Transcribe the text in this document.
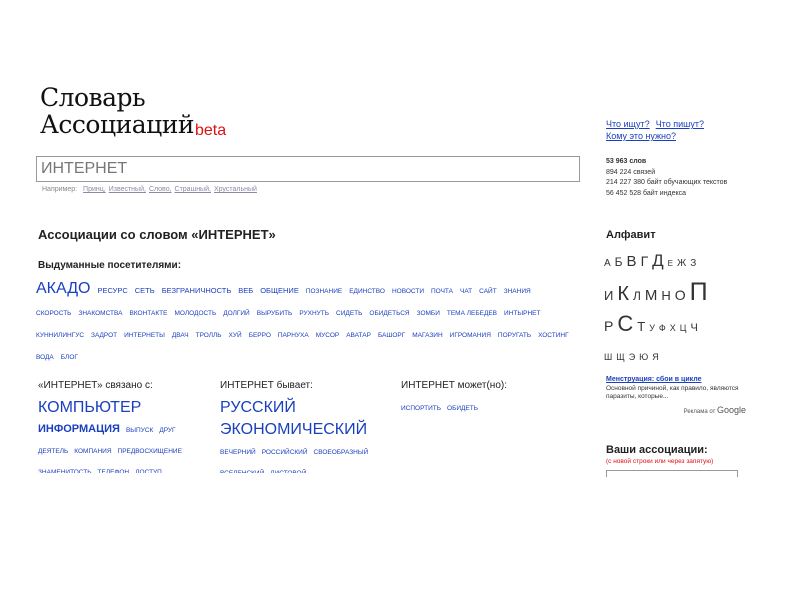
Словарь
Ассоциаций beta
ИНТЕРНЕТ
Например: Принц, Известный, Слово, Страшный, Хрустальный
Что ищут? Что пишут?
Кому это нужно?
53 963 слов
894 224 связей
214 227 380 байт обучающих текстов
56 452 528 байт индекса
Алфавит
А Б В Г Д Е Ж З
И К Л М Н О П
Р С Т У Ф Х Ц Ч
Ш Щ Э Ю Я
Менструация: сбои в цикле
Основной причиной, как правило, являются паразиты, которые...
Реклама от Google
Ваши ассоциации:
(с новой строки или через запятую)
Ассоциации со словом «ИНТЕРНЕТ»
Выдуманные посетителями:
АКАДО РЕСУРС СЕТЬ БЕЗГРАНИЧНОСТЬ ВЕБ ОБЩЕНИЕ ПОЗНАНИЕ ЕДИНСТВО НОВОСТИ ПОЧТА ЧАТ САЙТ ЗНАНИЯСКОРОСТЬ ЗНАКОМСТВА ВКОНТАКТЕ МОЛОДОСТЬ ДОЛГИЙ ВЫРУБИТЬ РУХНУТЬ СИДЕТЬ ОБИДЕТЬСЯ ЗОМБИ ТЕМА ЛЕБЕДЕВ ИНТЫРНЕТКУННИЛИНГУС ЗАДРОТ ИНТЕРНЕТЫ ДВАЧ ТРОЛЛЬ ХУЙ БЕРРО ПАРНУХА МУСОР АВАТАР БАШОРГ МАГАЗИН ИГРОМАНИЯ ПОРУГАТЬ ХОСТИНГВОДА БЛОГ
«ИНТЕРНЕТ» связано с:
КОМПЬЮТЕР
ИНФОРМАЦИЯ ВЫПУСК ДРУГДЕЯТЕЛЬ КОМПАНИЯ ПРЕДВОСХИЩЕНИЕ
ИНТЕРНЕТ бывает:
РУССКИЙ
ЭКОНОМИЧЕСКИЙ
ВЕЧЕРНИЙ РОССИЙСКИЙ СВОЕОБРАЗНЫЙ
ИНТЕРНЕТ может(но):
ИСПОРТИТЬ ОБИДЕТЬ
